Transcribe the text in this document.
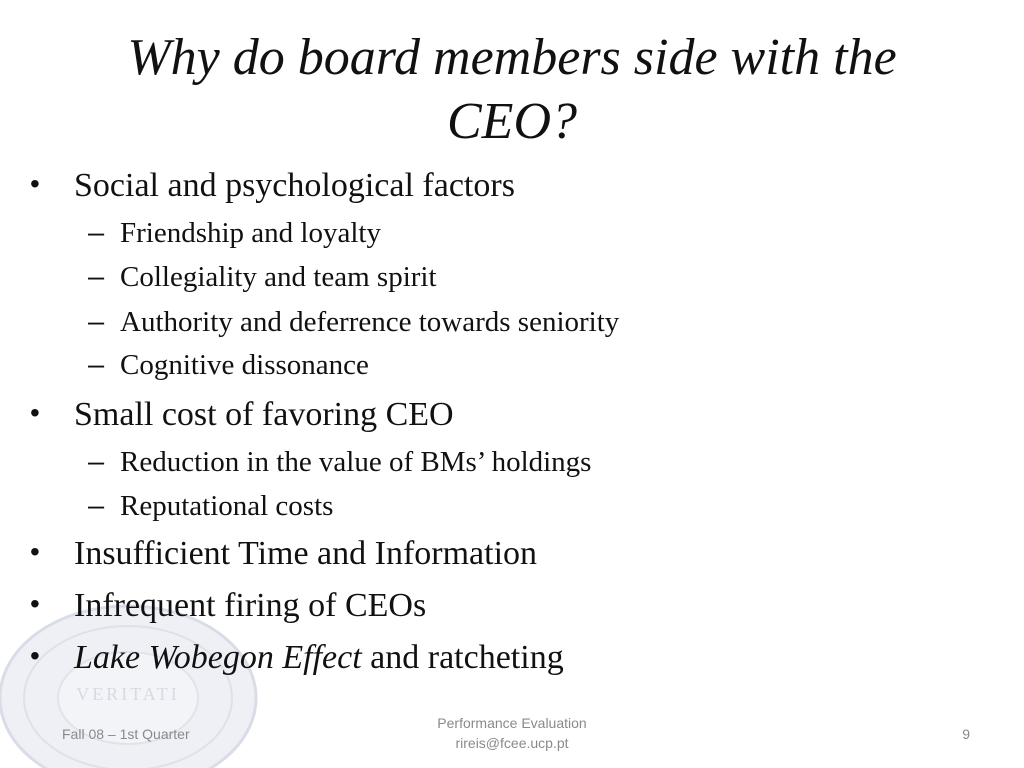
VERITATI
Why do board members side with the
CEO?
• Social and psychological factors
– Friendship and loyalty
– Collegiality and team spirit
– Authority and deferrence towards seniority
– Cognitive dissonance
• Small cost of favoring CEO
– Reduction in the value of BMs’ holdings
– Reputational costs
• Insufficient Time and Information
• Infrequent firing of CEOs
• Lake Wobegon Effect and ratcheting
Fall 08 – 1st Quarter
Performance Evaluation
rireis@fcee.ucp.pt
9
